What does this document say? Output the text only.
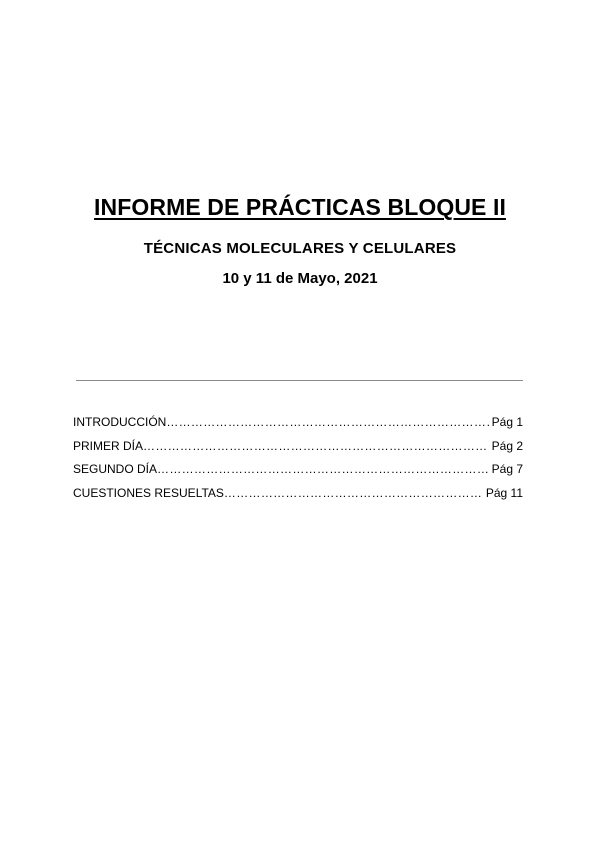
INFORME DE PRÁCTICAS BLOQUE II
TÉCNICAS MOLECULARES Y CELULARES
10 y 11 de Mayo, 2021
INTRODUCCIÓN ………………………………………………………………………………………………………………	Pág 1
PRIMER DÍA ………………………………………………………………………………………………………………	Pág 2
SEGUNDO DÍA ………………………………………………………………………………………………………………	Pág 7
CUESTIONES RESUELTAS ………………………………………………………………………………………………………………	Pág 11
